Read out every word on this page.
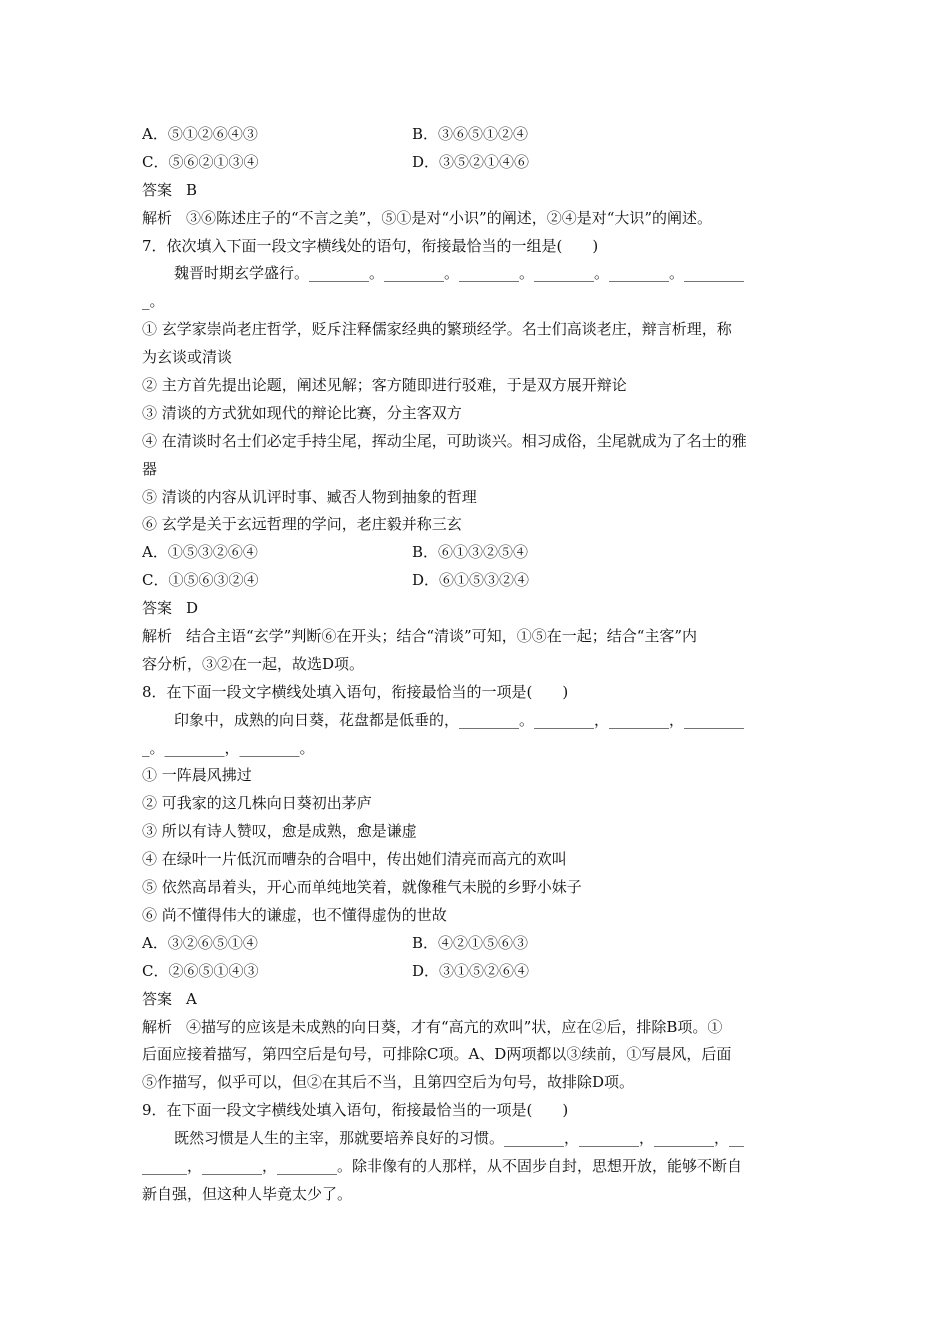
A．⑤①②⑥④③	B．③⑥⑤①②④
C．⑤⑥②①③④	D．③⑤②①④⑥
答案 B
解析 ③⑥陈述庄子的“不言之美”，⑤①是对“小识”的阐述，②④是对“大识”的阐述。
7．依次填入下面一段文字横线处的语句，衔接最恰当的一组是(　　)
魏晋时期玄学盛行。________。________。________。________。________。________
_。
① 玄学家崇尚老庄哲学，贬斥注释儒家经典的繁琐经学。名士们高谈老庄，辩言析理，称
为玄谈或清谈
② 主方首先提出论题，阐述见解；客方随即进行驳难，于是双方展开辩论
③ 清谈的方式犹如现代的辩论比赛，分主客双方
④ 在清谈时名士们必定手持尘尾，挥动尘尾，可助谈兴。相习成俗，尘尾就成为了名士的雅
器
⑤ 清谈的内容从讥评时事、臧否人物到抽象的哲理
⑥ 玄学是关于玄远哲理的学问，老庄毅并称三玄
A．①⑤③②⑥④	B．⑥①③②⑤④
C．①⑤⑥③②④	D．⑥①⑤③②④
答案 D
解析 结合主语“玄学”判断⑥在开头；结合“清谈”可知，①⑤在一起；结合“主客”内
容分析，③②在一起，故选D项。
8．在下面一段文字横线处填入语句，衔接最恰当的一项是(　　)
印象中，成熟的向日葵，花盘都是低垂的，________。________，________，________
_。________，________。
① 一阵晨风拂过
② 可我家的这几株向日葵初出茅庐
③ 所以有诗人赞叹，愈是成熟，愈是谦虚
④ 在绿叶一片低沉而嘈杂的合唱中，传出她们清亮而高亢的欢叫
⑤ 依然高昂着头，开心而单纯地笑着，就像稚气未脱的乡野小妹子
⑥ 尚不懂得伟大的谦虚，也不懂得虚伪的世故
A．③②⑥⑤①④	B．④②①⑤⑥③
C．②⑥⑤①④③	D．③①⑤②⑥④
答案 A
解析 ④描写的应该是未成熟的向日葵，才有“高亢的欢叫”状，应在②后，排除B项。①
后面应接着描写，第四空后是句号，可排除C项。A、D两项都以③续前，①写晨风，后面
⑤作描写，似乎可以，但②在其后不当，且第四空后为句号，故排除D项。
9．在下面一段文字横线处填入语句，衔接最恰当的一项是(　　)
既然习惯是人生的主宰，那就要培养良好的习惯。________，________，________，__
______，________，________。除非像有的人那样，从不固步自封，思想开放，能够不断自
新自强，但这种人毕竟太少了。
